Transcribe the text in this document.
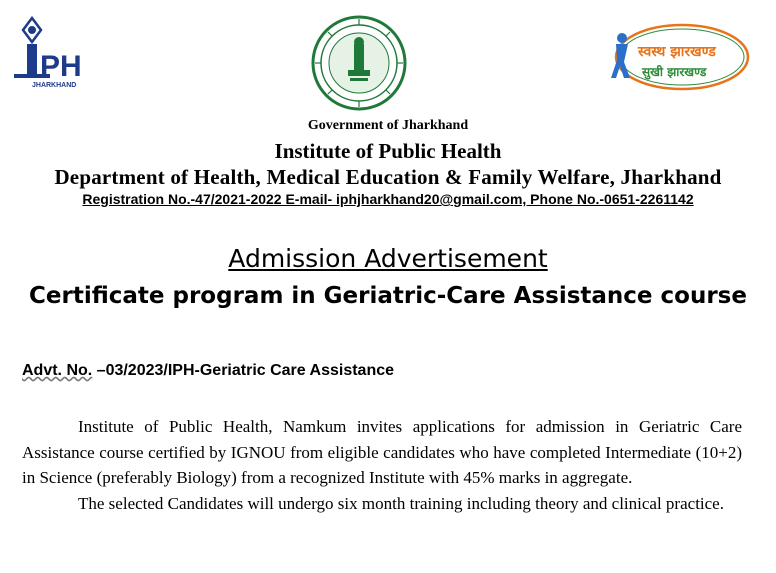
PH
JHARKHAND
स्वस्थ झारखण्ड
सुखी झारखण्ड
Government of Jharkhand
Institute of Public Health
Department of Health, Medical Education & Family Welfare, Jharkhand
Registration No.-47/2021-2022 E-mail- iphjharkhand20@gmail.com, Phone No.-0651-2261142
Admission Advertisement
Certificate program in Geriatric-Care Assistance course
Advt. No. –03/2023/IPH-Geriatric Care Assistance

Institute of Public Health, Namkum invites applications for admission in Geriatric Care Assistance course certified by IGNOU from eligible candidates who have completed Intermediate (10+2) in Science (preferably Biology) from a recognized Institute with 45% marks in aggregate.

The selected Candidates will undergo six month training including theory and clinical practice.
